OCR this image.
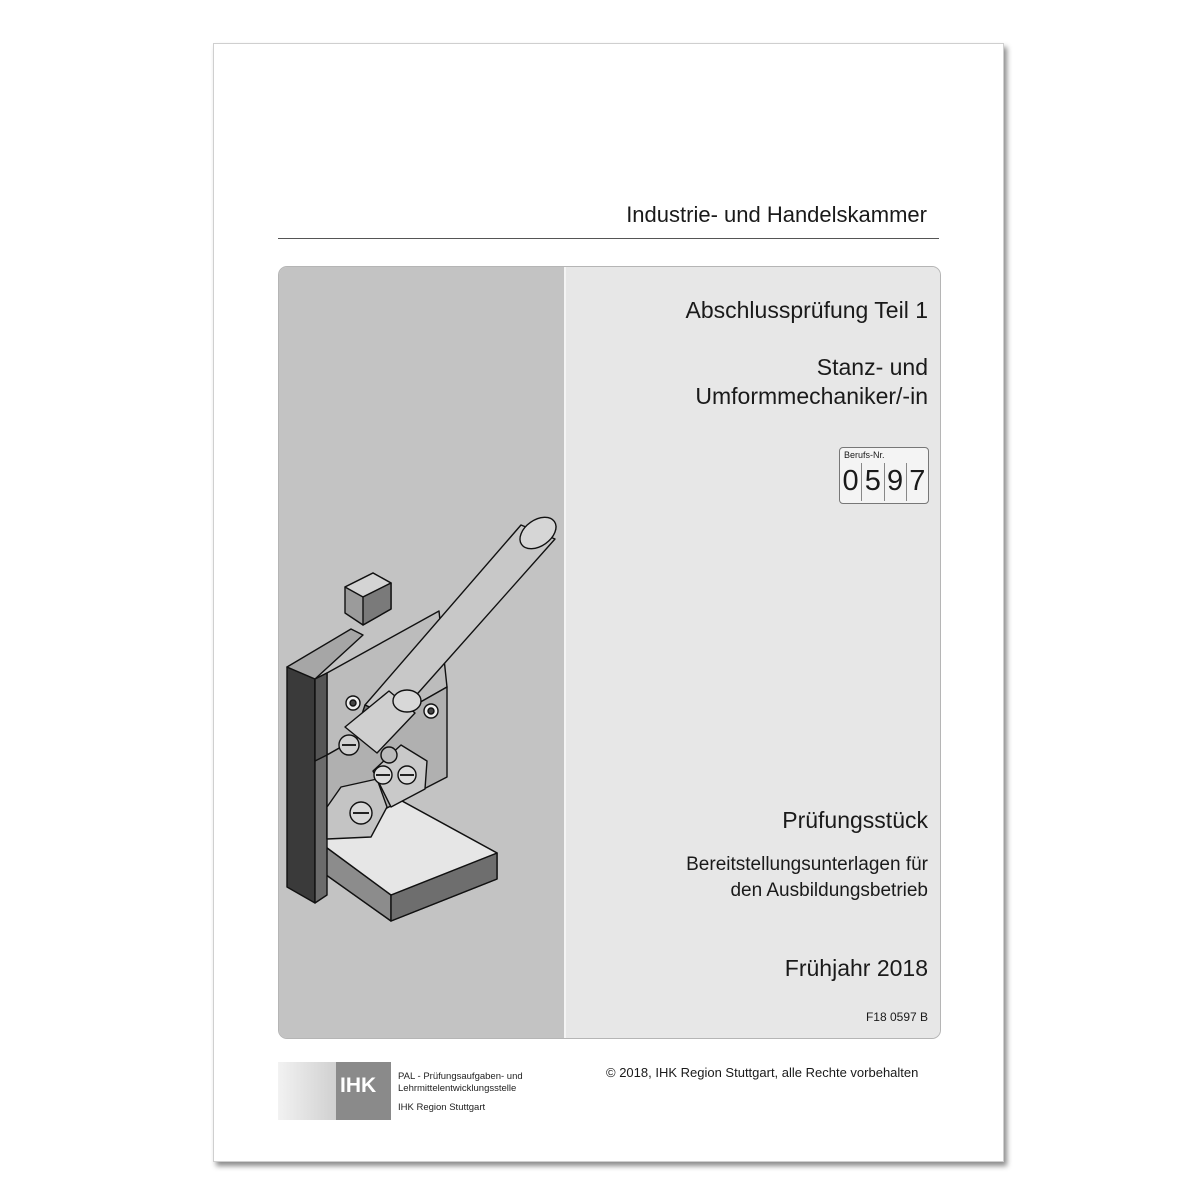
Industrie- und Handelskammer
Abschlussprüfung Teil 1
Stanz- und
Umformmechaniker/-in
Berufs-Nr.
0 5 9 7
Prüfungsstück
Bereitstellungsunterlagen für
den Ausbildungsbetrieb
Frühjahr 2018
F18 0597 B
IHK PAL - Prüfungsaufgaben- und
Lehrmittelentwicklungsstelle
IHK Region Stuttgart
© 2018, IHK Region Stuttgart, alle Rechte vorbehalten
